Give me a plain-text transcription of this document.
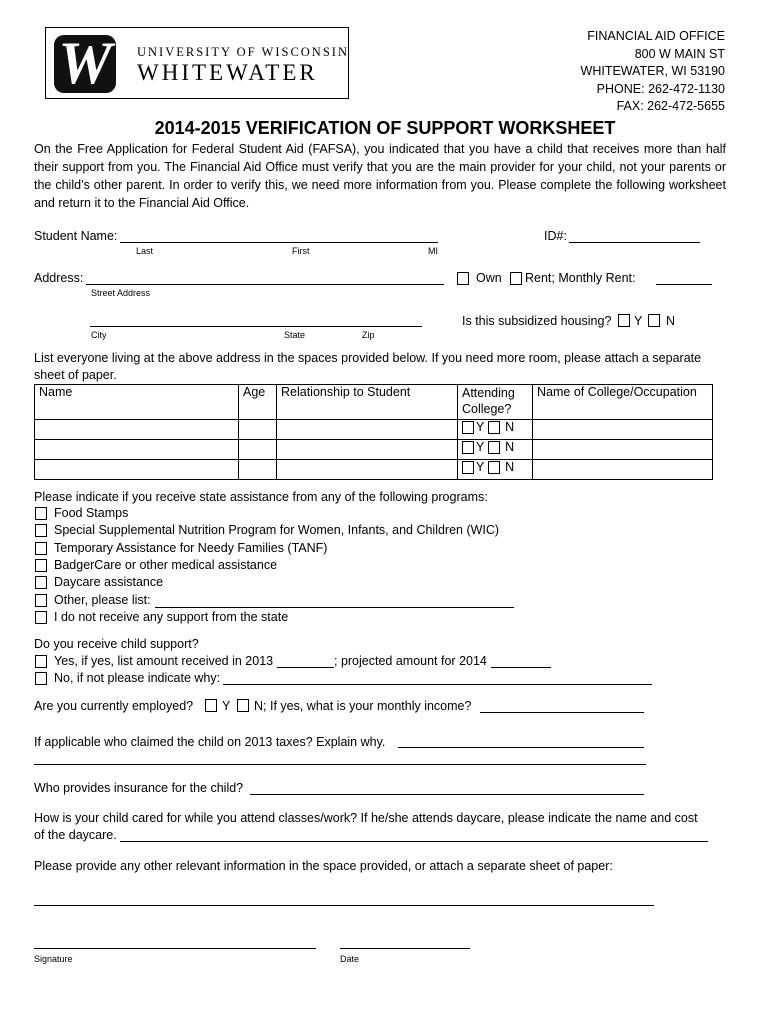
W	UNIVERSITY OF WISCONSIN
WHITEWATER
FINANCIAL AID OFFICE
800 W MAIN ST
WHITEWATER, WI 53190
PHONE: 262-472-1130
FAX: 262-472-5655
2014-2015 VERIFICATION OF SUPPORT WORKSHEET
On the Free Application for Federal Student Aid (FAFSA), you indicated that you have a child that receives more than half their support from you. The Financial Aid Office must verify that you are the main provider for your child, not your parents or the child’s other parent. In order to verify this, we need more information from you. Please complete the following worksheet and return it to the Financial Aid Office.
Student Name:
Last	First	MI
ID#:
Address:
Street Address
Own Rent; Monthly Rent:
Is this subsidized housing? Y N
City	State	Zip
List everyone living at the above address in the spaces provided below. If you need more room, please attach a separate sheet of paper.
Name	Age	Relationship to Student	Attending College?	Name of College/Occupation
			Y N	
			Y N	
			Y N	
Please indicate if you receive state assistance from any of the following programs:
Food Stamps
Special Supplemental Nutrition Program for Women, Infants, and Children (WIC)
Temporary Assistance for Needy Families (TANF)
BadgerCare or other medical assistance
Daycare assistance
Other, please list:
I do not receive any support from the state
Do you receive child support?
Yes, if yes, list amount received in 2013	; projected amount for 2014
No, if not please indicate why:
Are you currently employed? Y N; If yes, what is your monthly income?
If applicable who claimed the child on 2013 taxes? Explain why.
Who provides insurance for the child?
How is your child cared for while you attend classes/work? If he/she attends daycare, please indicate the name and cost
of the daycare.
Please provide any other relevant information in the space provided, or attach a separate sheet of paper:
Signature	Date
